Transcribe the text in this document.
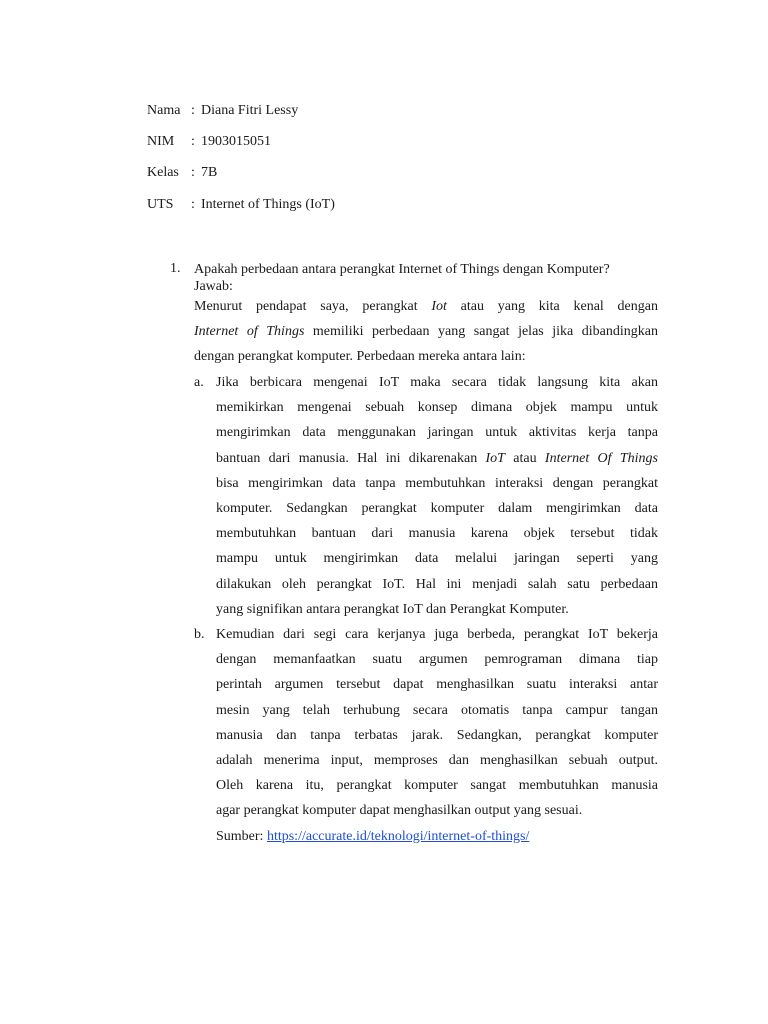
Nama : Diana Fitri Lessy
NIM : 1903015051
Kelas : 7B
UTS : Internet of Things (IoT)
1. Apakah perbedaan antara perangkat Internet of Things dengan Komputer?
Jawab:
Menurut pendapat saya, perangkat Iot atau yang kita kenal dengan
Internet of Things memiliki perbedaan yang sangat jelas jika dibandingkan
dengan perangkat komputer. Perbedaan mereka antara lain:
a. Jika berbicara mengenai IoT maka secara tidak langsung kita akan
memikirkan mengenai sebuah konsep dimana objek mampu untuk
mengirimkan data menggunakan jaringan untuk aktivitas kerja tanpa
bantuan dari manusia. Hal ini dikarenakan IoT atau Internet Of Things
bisa mengirimkan data tanpa membutuhkan interaksi dengan perangkat
komputer. Sedangkan perangkat komputer dalam mengirimkan data
membutuhkan bantuan dari manusia karena objek tersebut tidak
mampu untuk mengirimkan data melalui jaringan seperti yang
dilakukan oleh perangkat IoT. Hal ini menjadi salah satu perbedaan
yang signifikan antara perangkat IoT dan Perangkat Komputer.
b. Kemudian dari segi cara kerjanya juga berbeda, perangkat IoT bekerja
dengan memanfaatkan suatu argumen pemrograman dimana tiap
perintah argumen tersebut dapat menghasilkan suatu interaksi antar
mesin yang telah terhubung secara otomatis tanpa campur tangan
manusia dan tanpa terbatas jarak. Sedangkan, perangkat komputer
adalah menerima input, memproses dan menghasilkan sebuah output.
Oleh karena itu, perangkat komputer sangat membutuhkan manusia
agar perangkat komputer dapat menghasilkan output yang sesuai.
Sumber: https://accurate.id/teknologi/internet-of-things/
